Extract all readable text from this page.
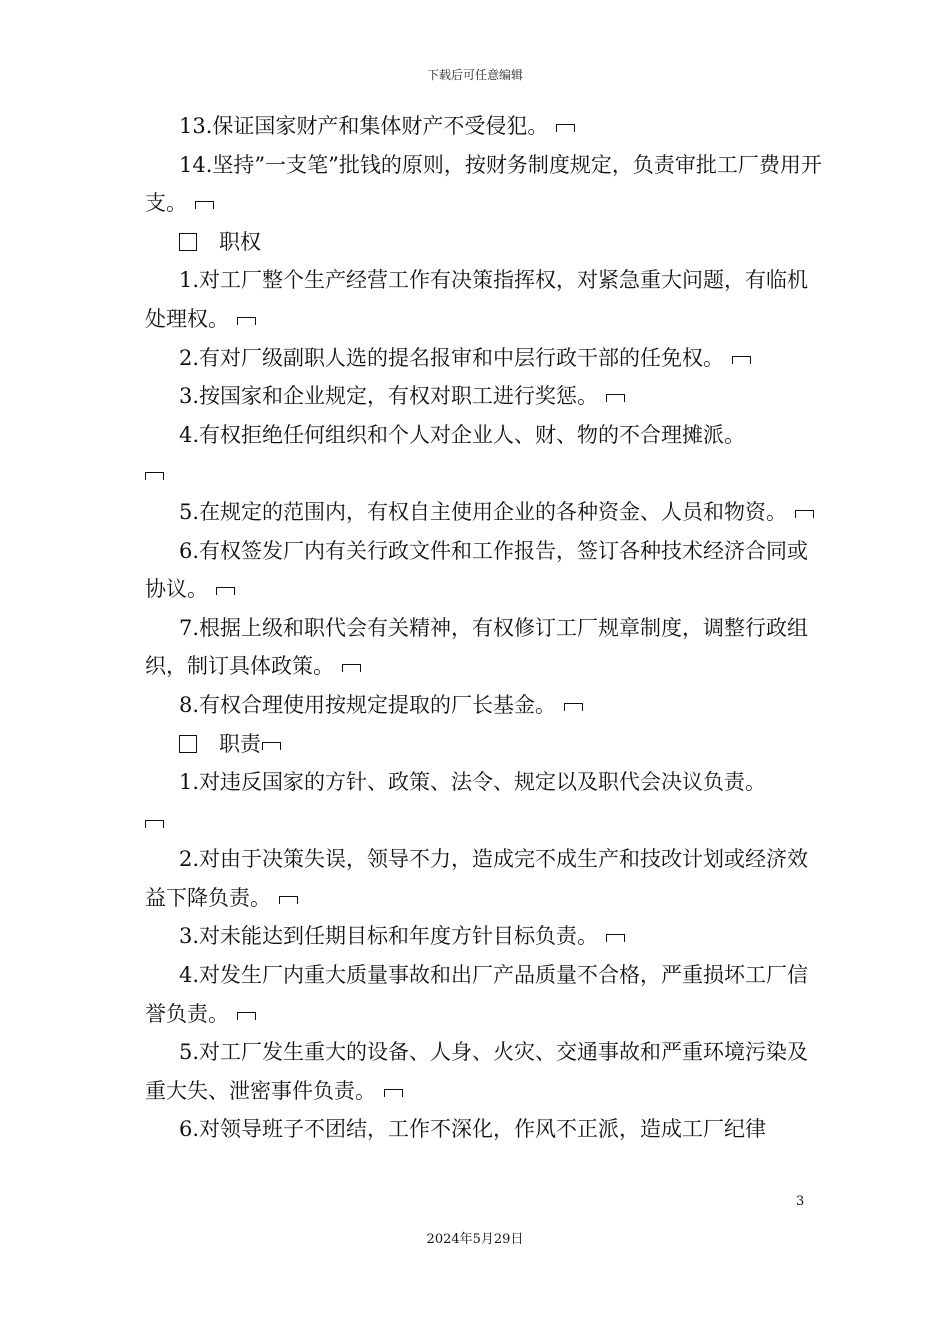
下载后可任意编辑

13.保证国家财产和集体财产不受侵犯。

14.坚持”一支笔”批钱的原则，按财务制度规定，负责审批工厂费用开支。

职权

1.对工厂整个生产经营工作有决策指挥权，对紧急重大问题，有临机处理权。

2.有对厂级副职人选的提名报审和中层行政干部的任免权。

3.按国家和企业规定，有权对职工进行奖惩。

4.有权拒绝任何组织和个人对企业人、财、物的不合理摊派。

5.在规定的范围内，有权自主使用企业的各种资金、人员和物资。

6.有权签发厂内有关行政文件和工作报告，签订各种技术经济合同或协议。

7.根据上级和职代会有关精神，有权修订工厂规章制度，调整行政组织，制订具体政策。

8.有权合理使用按规定提取的厂长基金。

职责

1.对违反国家的方针、政策、法令、规定以及职代会决议负责。

2.对由于决策失误，领导不力，造成完不成生产和技改计划或经济效益下降负责。

3.对未能达到任期目标和年度方针目标负责。

4.对发生厂内重大质量事故和出厂产品质量不合格，严重损坏工厂信誉负责。

5.对工厂发生重大的设备、人身、火灾、交通事故和严重环境污染及重大失、泄密事件负责。

6.对领导班子不团结，工作不深化，作风不正派，造成工厂纪律

3
2024年5月29日
